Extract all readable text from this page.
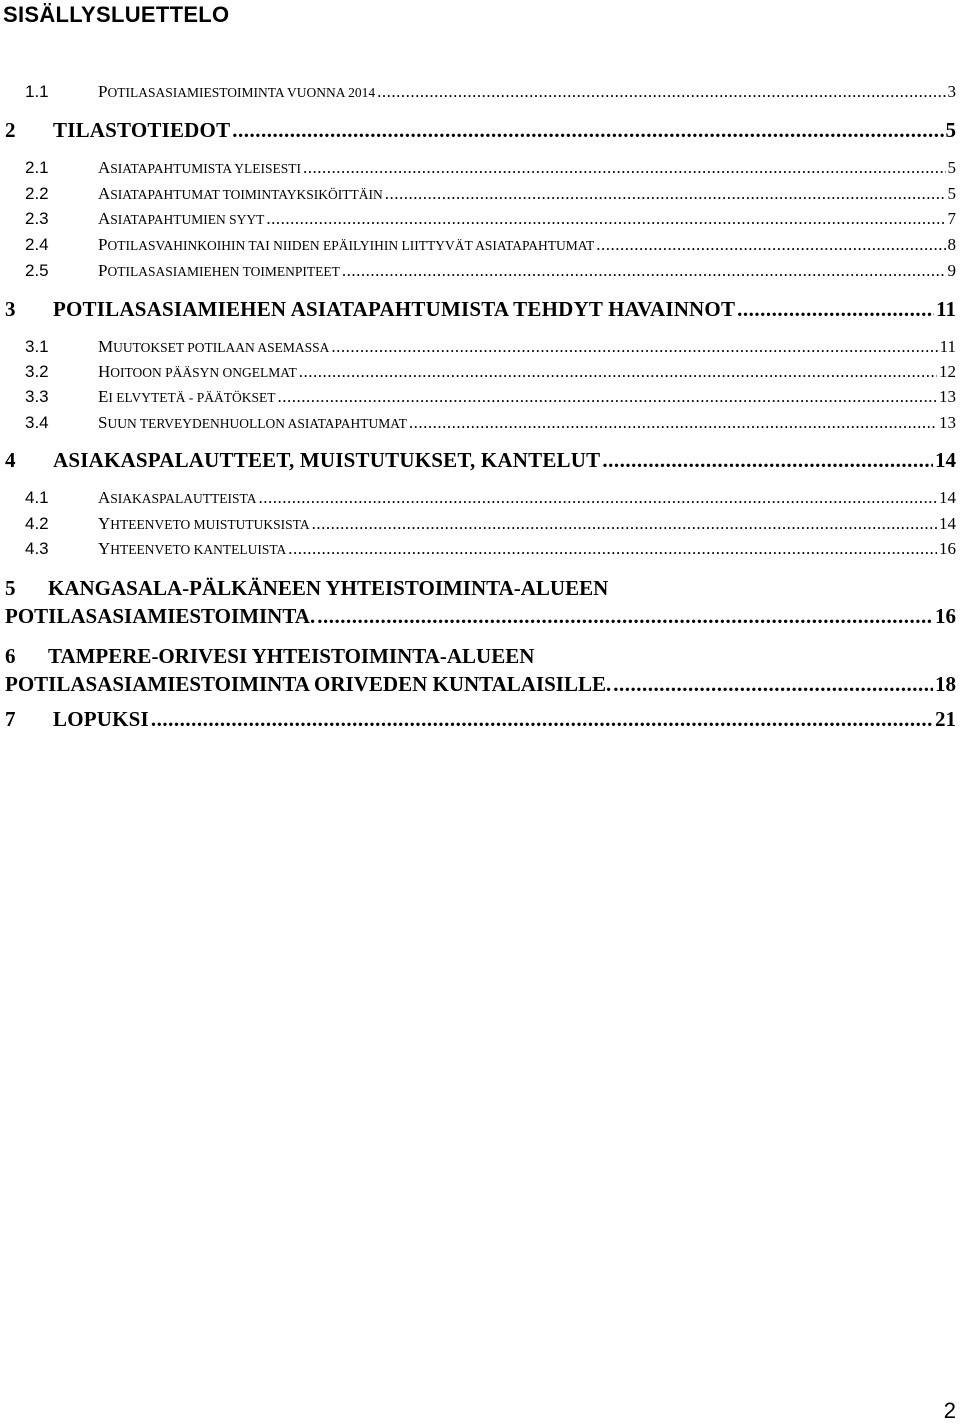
SISÄLLYSLUETTELO
1.1	POTILASASIAMIESTOIMINTA VUONNA 2014 .....	3
2	TILASTOTIEDOT .....	5
2.1	ASIATAPAHTUMISTA YLEISESTI .....	5
2.2	ASIATAPAHTUMAT TOIMINTAYKSIKÖITTÄIN .....	5
2.3	ASIATAPAHTUMIEN SYYT .....	7
2.4	POTILASVAHINKOIHIN TAI NIIDEN EPÄILYIHIN LIITTYVÄT ASIATAPAHTUMAT .....	8
2.5	POTILASASIAMIEHEN TOIMENPITEET .....	9
3	POTILASASIAMIEHEN ASIATAPAHTUMISTA TEHDYT HAVAINNOT .....	11
3.1	MUUTOKSET POTILAAN ASEMASSA .....	11
3.2	HOITOON PÄÄSYN ONGELMAT .....	12
3.3	EI ELVYTETÄ - PÄÄTÖKSET .....	13
3.4	SUUN TERVEYDENHUOLLON ASIATAPAHTUMAT .....	13
4	ASIAKASPALAUTTEET, MUISTUTUKSET, KANTELUT .....	14
4.1	ASIAKASPALAUTTEISTA .....	14
4.2	YHTEENVETO MUISTUTUKSISTA .....	14
4.3	YHTEENVETO KANTELUISTA .....	16
5 KANGASALA-PÄLKÄNEEN YHTEISTOIMINTA-ALUEEN
POTILASASIAMIESTOIMINTA. .....	16
6 TAMPERE-ORIVESI YHTEISTOIMINTA-ALUEEN
POTILASASIAMIESTOIMINTA ORIVEDEN KUNTALAISILLE. .....	18
7	LOPUKSI .....	21
2
